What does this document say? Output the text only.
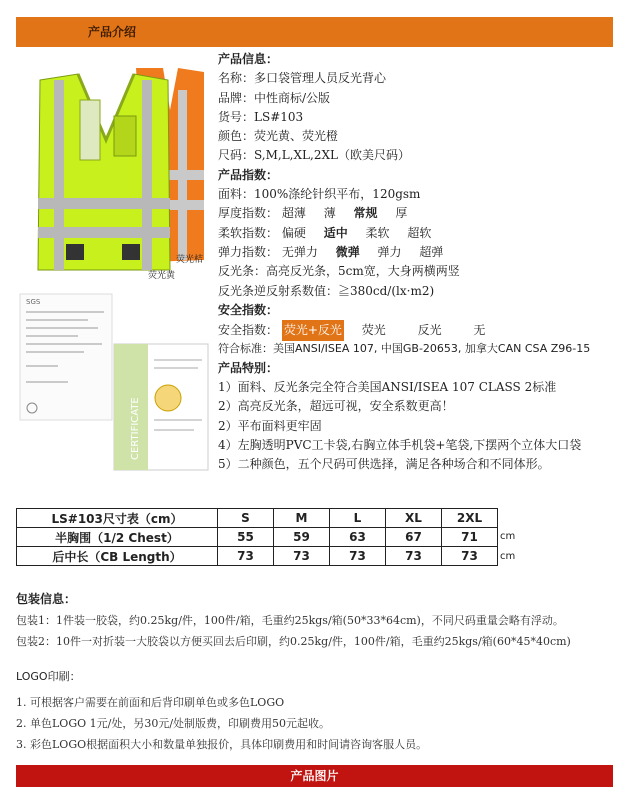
产品介绍
荧光桔
荧光黄
SGS
CERTIFICATE
产品信息：
名称：多口袋管理人员反光背心
品牌：中性商标/公版
货号：LS#103
颜色：荧光黄、荧光橙
尺码：S,M,L,XL,2XL（欧美尺码）
产品指数：
面料：100%涤纶针织平布，120gsm
厚度指数： 超薄 薄 常规 厚
柔软指数： 偏硬 适中 柔软 超软
弹力指数： 无弹力 微弹 弹力 超弹
反光条：高亮反光条，5cm宽，大身两横两竖
反光条逆反射系数值：≧380cd/(lx·m2)
安全指数：
安全指数： 荧光+反光 荧光	反光	无
符合标准：美国ANSI/ISEA 107, 中国GB-20653, 加拿大CAN CSA Z96-15
产品特别：
1）面料、反光条完全符合美国ANSI/ISEA 107 CLASS 2标准
2）高亮反光条，超远可视，安全系数更高！
2）平布面料更牢固
4）左胸透明PVC工卡袋,右胸立体手机袋+笔袋,下摆两个立体大口袋
5）二种颜色，五个尺码可供选择，满足各种场合和不同体形。
LS#103尺寸表（cm）	S	M	L	XL	2XL
半胸围（1/2 Chest）	55	59	63	67	71
后中长（CB Length）	73	73	73	73	73
cm
cm
包装信息：
包装1：1件装一胶袋，约0.25kg/件，100件/箱，毛重约25kgs/箱(50*33*64cm)，不同尺码重量会略有浮动。
包装2：10件一对折装一大胶袋以方便买回去后印刷，约0.25kg/件，100件/箱，毛重约25kgs/箱(60*45*40cm)
LOGO印刷：
1. 可根据客户需要在前面和后背印刷单色或多色LOGO
2. 单色LOGO 1元/处，另30元/处制版费，印刷费用50元起收。
3. 彩色LOGO根据面积大小和数量单独报价，具体印刷费用和时间请咨询客服人员。
产品图片
